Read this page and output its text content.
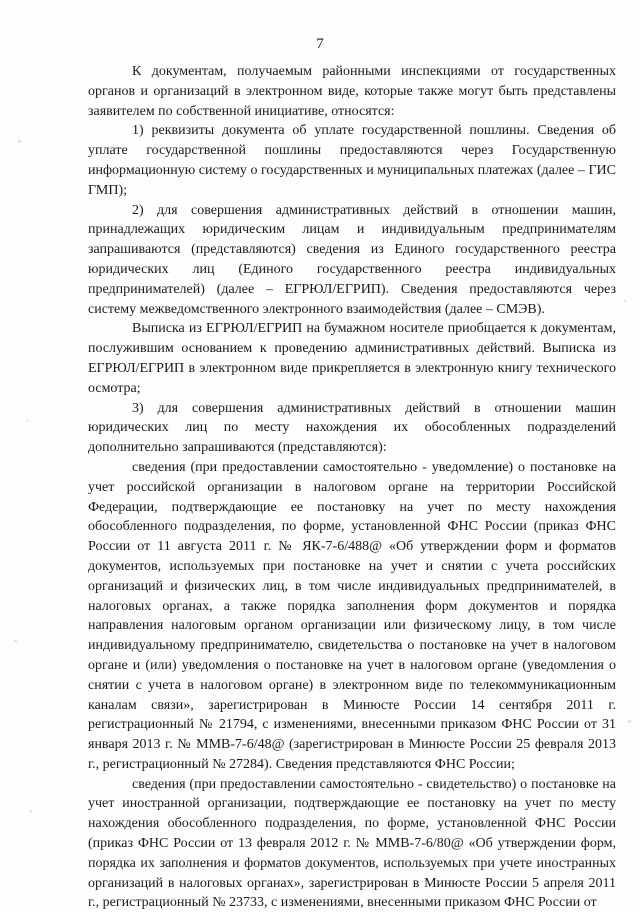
7

К документам, получаемым районными инспекциями от государственных органов и организаций в электронном виде, которые также могут быть представлены заявителем по собственной инициативе, относятся:

1) реквизиты документа об уплате государственной пошлины. Сведения об уплате государственной пошлины предоставляются через Государственную информационную систему о государственных и муниципальных платежах (далее – ГИС ГМП);

2) для совершения административных действий в отношении машин, принадлежащих юридическим лицам и индивидуальным предпринимателям запрашиваются (представляются) сведения из Единого государственного реестра юридических лиц (Единого государственного реестра индивидуальных предпринимателей) (далее – ЕГРЮЛ/ЕГРИП). Сведения предоставляются через систему межведомственного электронного взаимодействия (далее – СМЭВ).

Выписка из ЕГРЮЛ/ЕГРИП на бумажном носителе приобщается к документам, послужившим основанием к проведению административных действий. Выписка из ЕГРЮЛ/ЕГРИП в электронном виде прикрепляется в электронную книгу технического осмотра;

3) для совершения административных действий в отношении машин юридических лиц по месту нахождения их обособленных подразделений дополнительно запрашиваются (представляются):

сведения (при предоставлении самостоятельно - уведомление) о постановке на учет российской организации в налоговом органе на территории Российской Федерации, подтверждающие ее постановку на учет по месту нахождения обособленного подразделения, по форме, установленной ФНС России (приказ ФНС России от 11 августа 2011 г. № ЯК-7-6/488@ «Об утверждении форм и форматов документов, используемых при постановке на учет и снятии с учета российских организаций и физических лиц, в том числе индивидуальных предпринимателей, в налоговых органах, а также порядка заполнения форм документов и порядка направления налоговым органом организации или физическому лицу, в том числе индивидуальному предпринимателю, свидетельства о постановке на учет в налоговом органе и (или) уведомления о постановке на учет в налоговом органе (уведомления о снятии с учета в налоговом органе) в электронном виде по телекоммуникационным каналам связи», зарегистрирован в Минюсте России 14 сентября 2011 г. регистрационный № 21794, с изменениями, внесенными приказом ФНС России от 31 января 2013 г. № ММВ-7-6/48@ (зарегистрирован в Минюсте России 25 февраля 2013 г., регистрационный № 27284). Сведения представляются ФНС России;

сведения (при предоставлении самостоятельно - свидетельство) о постановке на учет иностранной организации, подтверждающие ее постановку на учет по месту нахождения обособленного подразделения, по форме, установленной ФНС России (приказ ФНС России от 13 февраля 2012 г. № ММВ-7-6/80@ «Об утверждении форм, порядка их заполнения и форматов документов, используемых при учете иностранных организаций в налоговых органах», зарегистрирован в Минюсте России 5 апреля 2011 г., регистрационный № 23733, с изменениями, внесенными приказом ФНС России от
